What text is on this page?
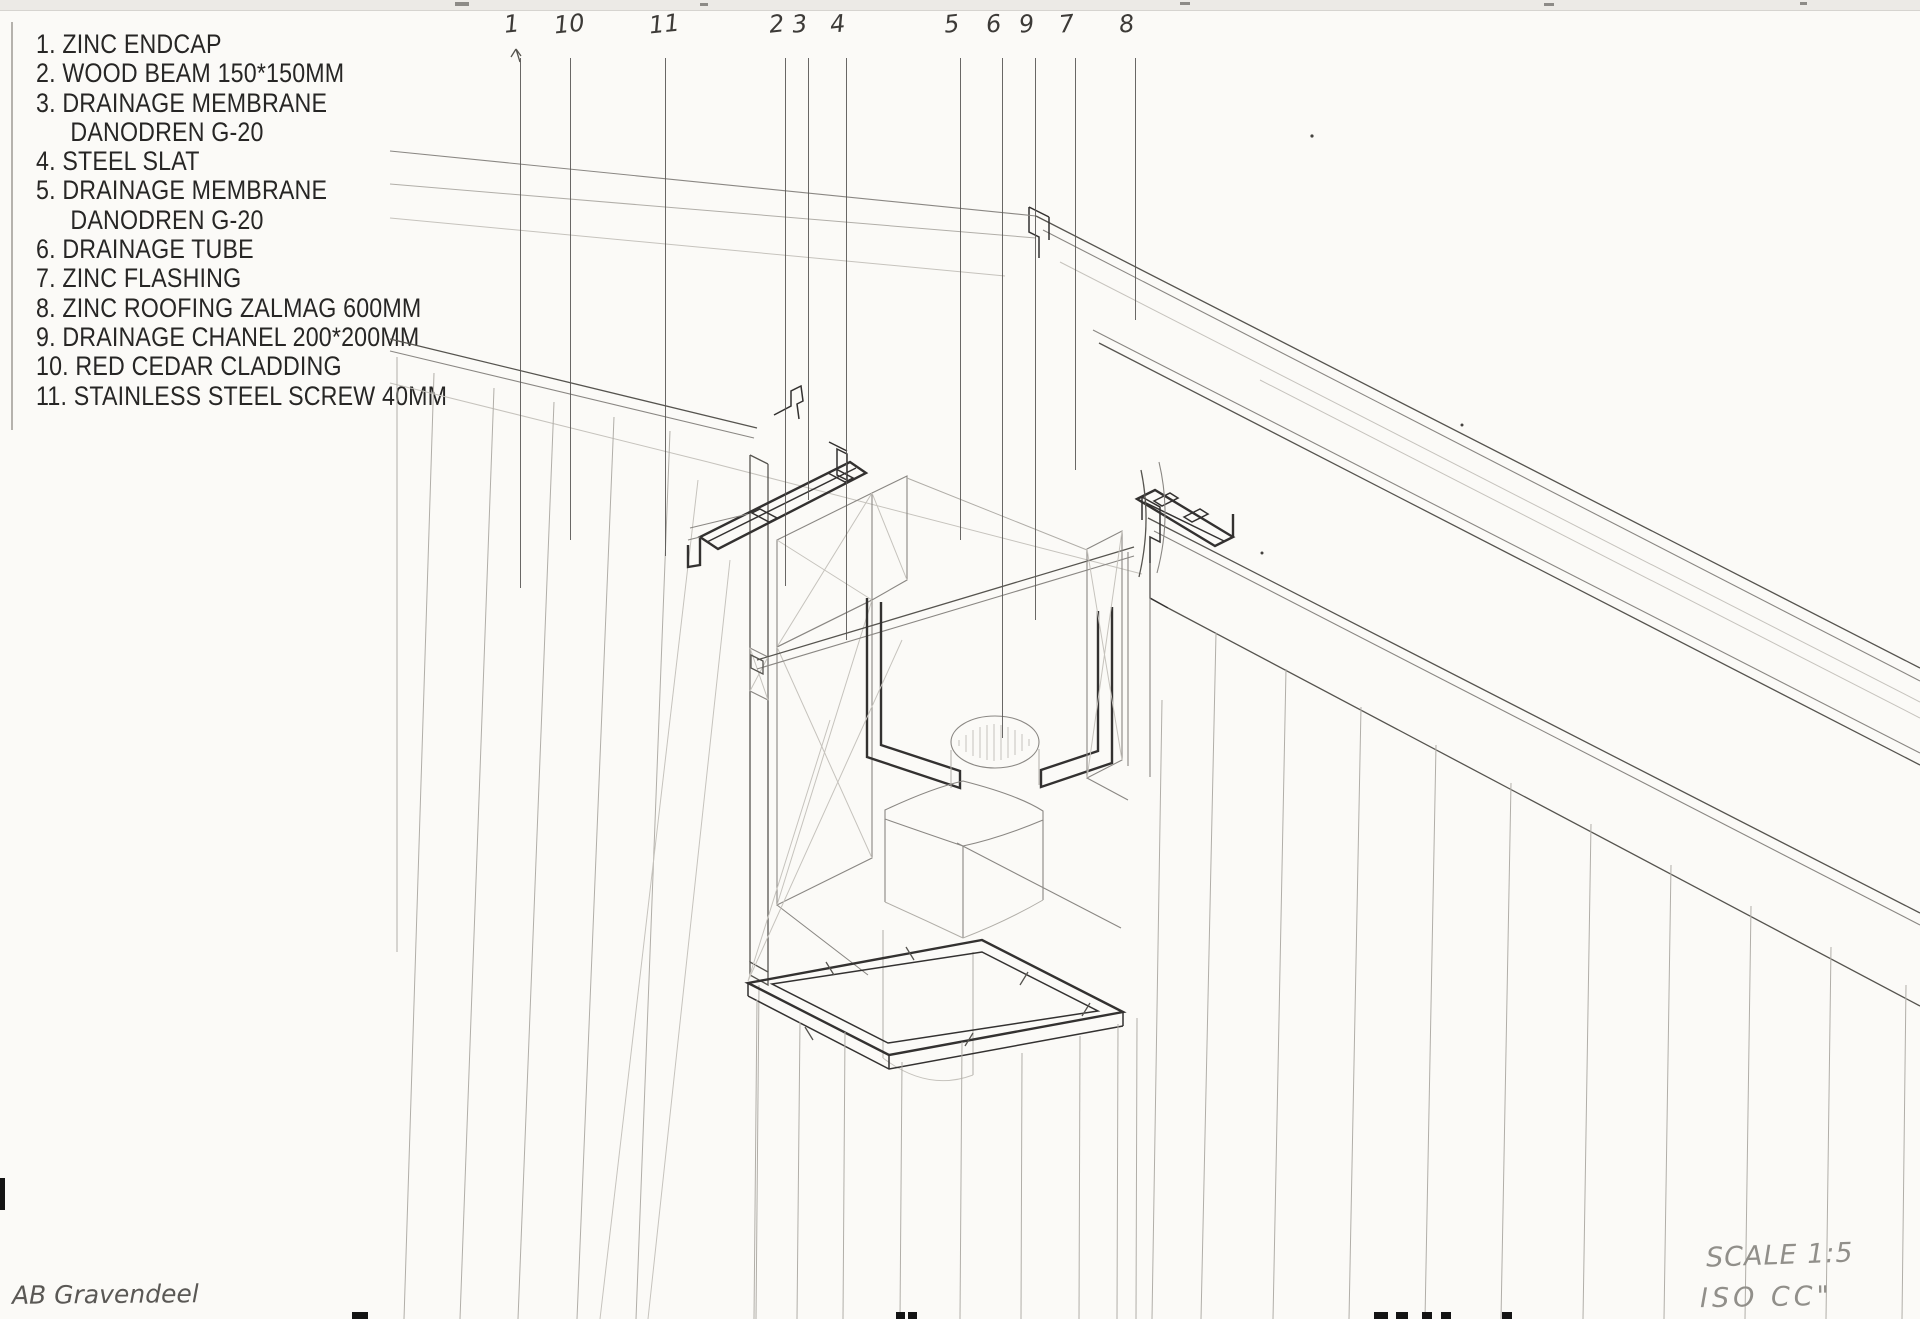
1. ZINC ENDCAP
2. WOOD BEAM 150*150MM
3. DRAINAGE MEMBRANE
DANODREN G-20
4. STEEL SLAT
5. DRAINAGE MEMBRANE
DANODREN G-20
6. DRAINAGE TUBE
7. ZINC FLASHING
8. ZINC ROOFING ZALMAG 600MM
9. DRAINAGE CHANEL 200*200MM
10. RED CEDAR CLADDING
11. STAINLESS STEEL SCREW 40MM
1 10	11	2 3 4	5 6 9 7 8
AB Gravendeel
SCALE 1:5
ISO CC"
